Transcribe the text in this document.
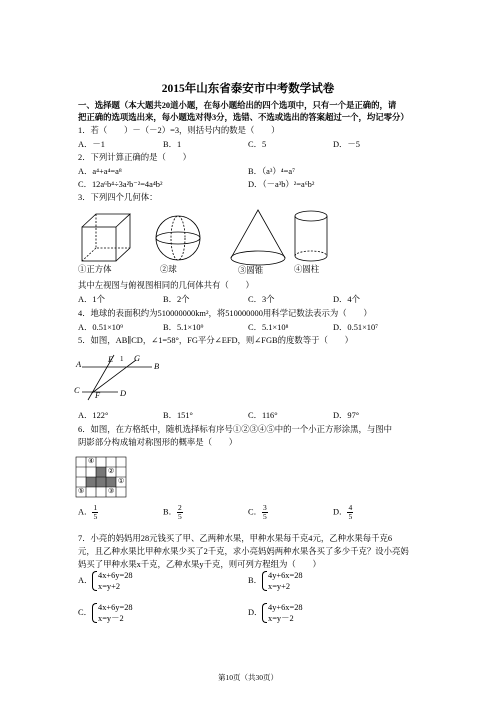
2015年山东省泰安市中考数学试卷
一、选择题（本大题共20道小题，在每小题给出的四个选项中，只有一个是正确的，请
把正确的选项选出来，每小题选对得3分，选错、不选或选出的答案超过一个，均记零分）
1．若（　　）－（－2）=3，则括号内的数是（　　）
A．－1	B．1	C．5	D．－5
2．下列计算正确的是（　　）
A．a⁴+a⁴=a⁸	B．（a³）⁴=a⁷
C．12a⁶b⁴÷3a²b⁻²=4a⁴b²	D．（－a³b）²=a⁶b²
3．下列四个几何体：
①正方体	②球	③圆锥	④圆柱
其中左视图与俯视图相同的几何体共有（　　）
A．1个	B．2个	C．3个	D．4个
4．地球的表面积约为510000000km²，将510000000用科学记数法表示为（　　）
A．0.51×10⁹	B．5.1×10⁹	C．5.1×10⁸	D．0.51×10⁷
5．如图，AB∥CD，∠1=58°，FG平分∠EFD，则∠FGB的度数等于（　　）
A	B
C	D
E
F
G
1
A．122°	B．151°	C．116°	D．97°
6．如图，在方格纸中，随机选择标有序号①②③④⑤中的一个小正方形涂黑，与图中
阴影部分构成轴对称图形的概率是（　　）
④
②
①
⑤	③
A． $\frac{1}{5}$	B． $\frac{2}{5}$	C． $\frac{3}{5}$	D． $\frac{4}{5}$
7．小亮的妈妈用28元钱买了甲、乙两种水果，甲种水果每千克4元，乙种水果每千克6
元，且乙种水果比甲种水果少买了2千克，求小亮妈妈两种水果各买了多少千克？设小亮妈
妈买了甲种水果x千克，乙种水果y千克，则可列方程组为（　　）
A．
4x+6y=28
x=y+2
B．
4y+6x=28
x=y+2
C．
4x+6y=28
x=y－2
D．
4y+6x=28
x=y－2
第10页（共30页）
